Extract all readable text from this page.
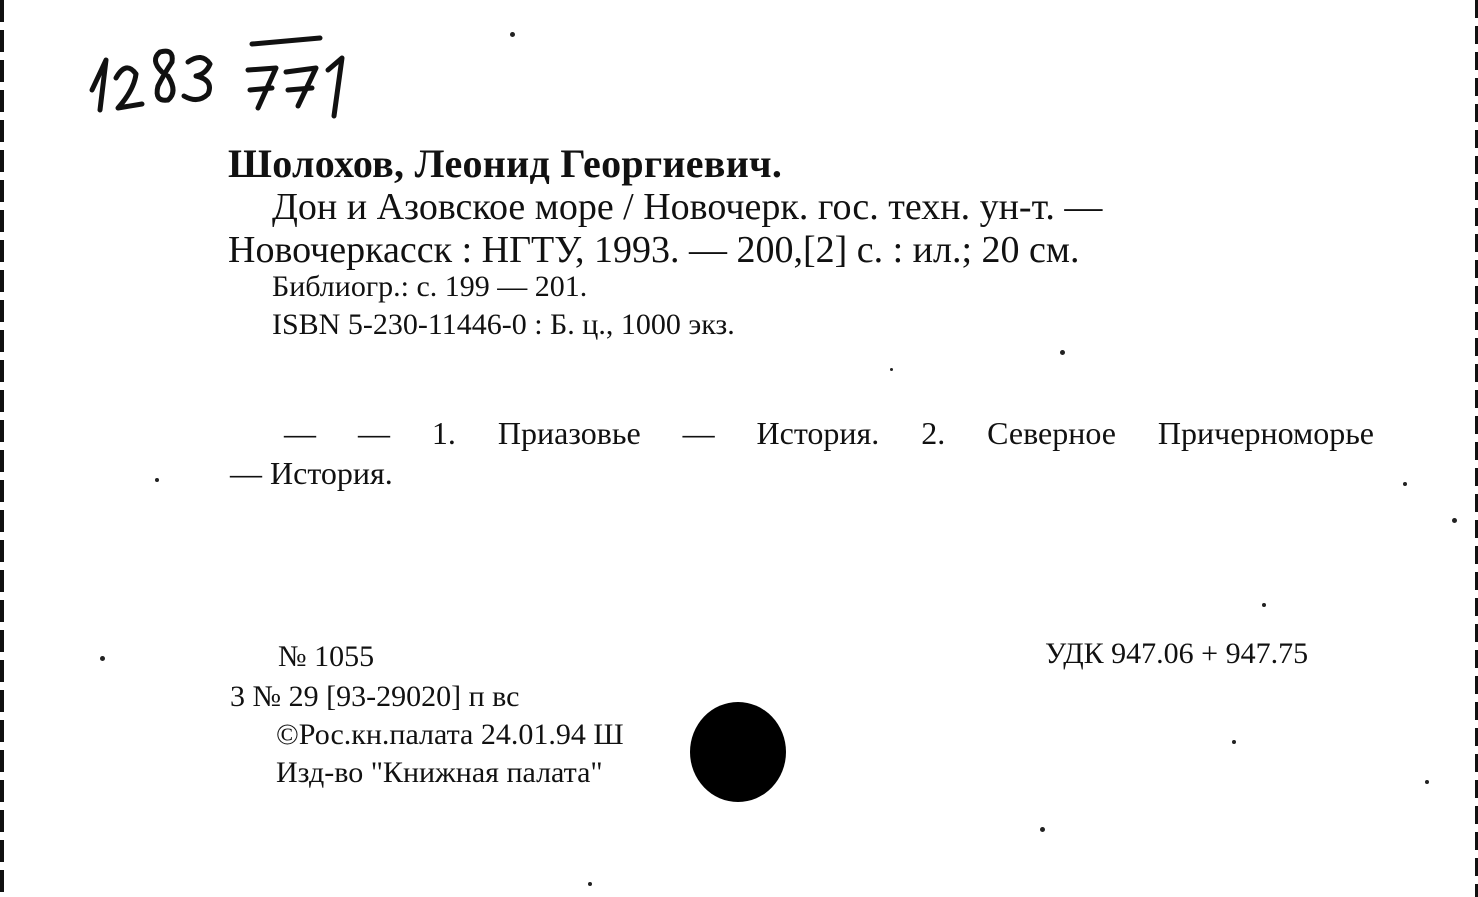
Шолохов, Леонид Георгиевич.
Дон и Азовское море / Новочерк. гос. техн. ун-т. —
Новочеркасск : НГТУ, 1993. — 200,[2] с. : ил.; 20 см.
Библиогр.: с. 199 — 201.
ISBN 5-230-11446-0 : Б. ц., 1000 экз.
— — 1. Приазовье — История. 2. Северное Причерноморье
— История.
№ 1055
3 № 29 [93-29020] п вс
©Рос.кн.палата 24.01.94 Ш
Изд-во "Книжная палата"
УДК 947.06 + 947.75
